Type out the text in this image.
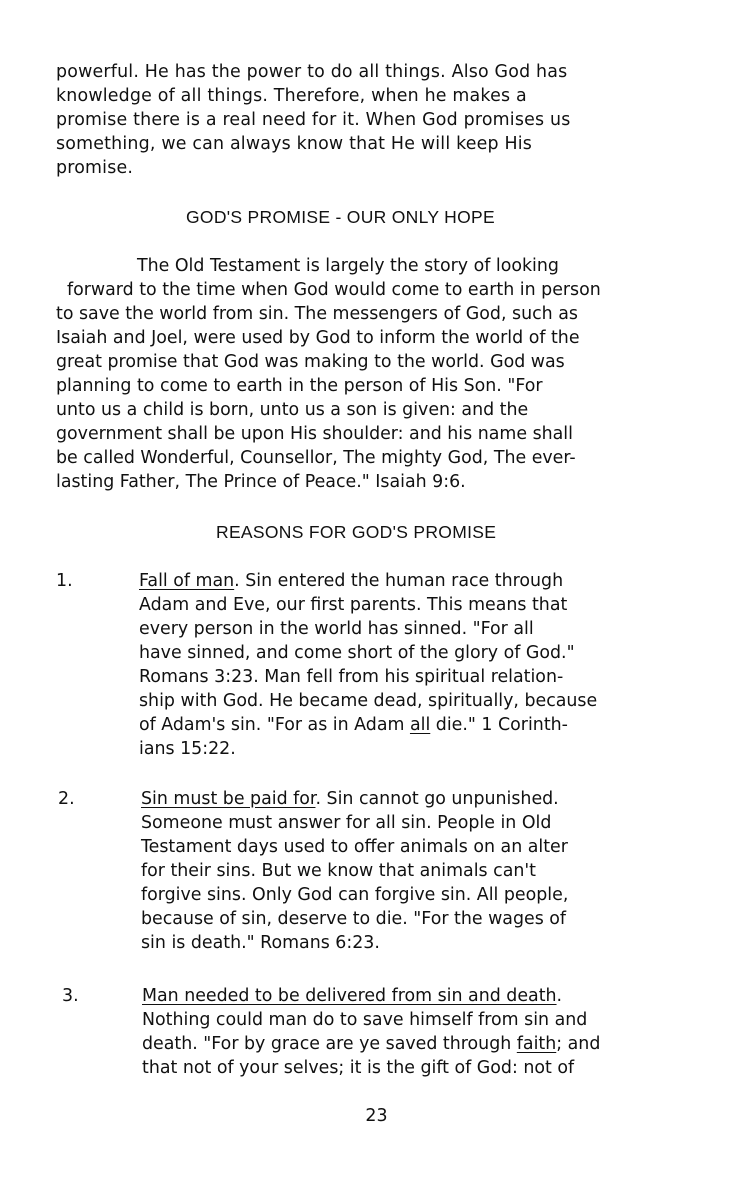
powerful. He has the power to do all things. Also God has

knowledge of all things. Therefore, when he makes a

promise there is a real need for it. When God promises us

something, we can always know that He will keep His

promise.

GOD'S PROMISE - OUR ONLY HOPE

The Old Testament is largely the story of looking

forward to the time when God would come to earth in person

to save the world from sin. The messengers of God, such as

Isaiah and Joel, were used by God to inform the world of the

great promise that God was making to the world. God was

planning to come to earth in the person of His Son. "For

unto us a child is born, unto us a son is given: and the

government shall be upon His shoulder: and his name shall

be called Wonderful, Counsellor, The mighty God, The ever-

lasting Father, The Prince of Peace." Isaiah 9:6.

REASONS FOR GOD'S PROMISE
1.	Fall of man. Sin entered the human race through

Adam and Eve, our first parents. This means that

every person in the world has sinned. "For all

have sinned, and come short of the glory of God."

Romans 3:23. Man fell from his spiritual relation-

ship with God. He became dead, spiritually, because

of Adam's sin. "For as in Adam all die." 1 Corinth-

ians 15:22.

2.	Sin must be paid for. Sin cannot go unpunished.

Someone must answer for all sin. People in Old

Testament days used to offer animals on an alter

for their sins. But we know that animals can't

forgive sins. Only God can forgive sin. All people,

because of sin, deserve to die. "For the wages of

sin is death." Romans 6:23.

3.	Man needed to be delivered from sin and death.

Nothing could man do to save himself from sin and

death. "For by grace are ye saved through faith; and

that not of your selves; it is the gift of God: not of

23
